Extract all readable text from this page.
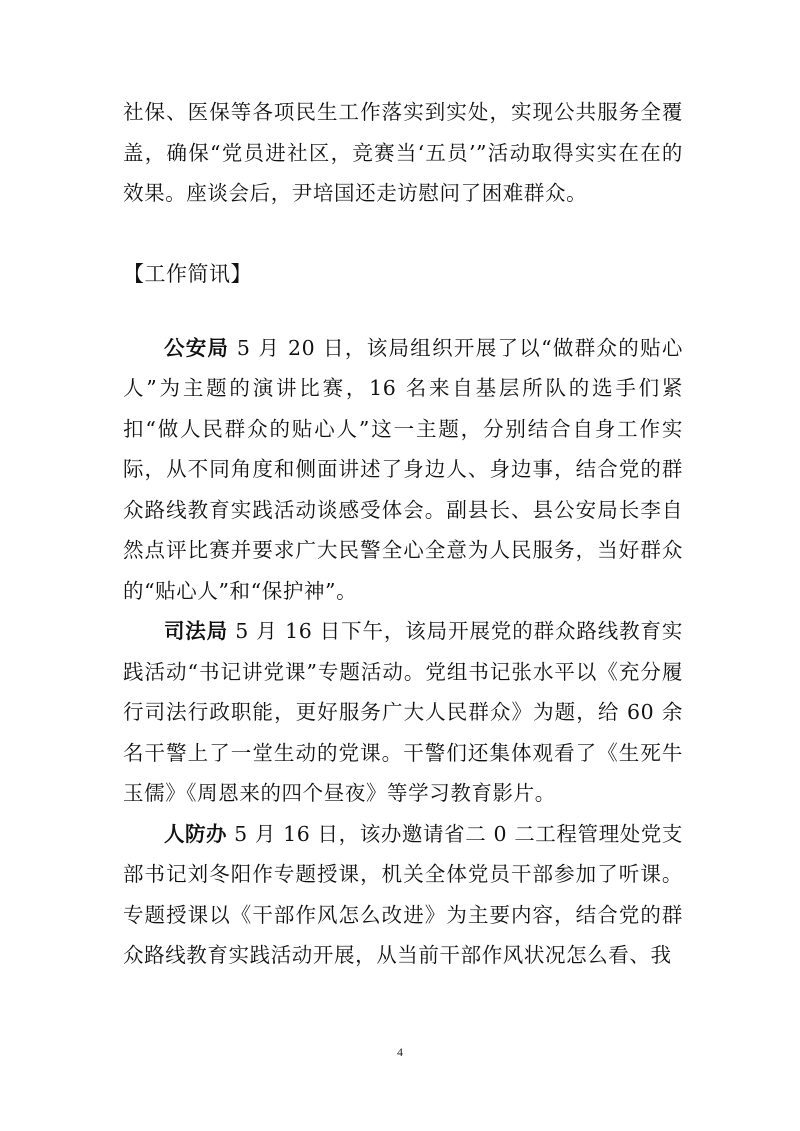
社保、医保等各项民生工作落实到实处，实现公共服务全覆盖，确保“党员进社区，竞赛当‘五员’”活动取得实实在在的效果。座谈会后，尹培国还走访慰问了困难群众。

【工作简讯】

公安局 5 月 20 日，该局组织开展了以“做群众的贴心人”为主题的演讲比赛，16 名来自基层所队的选手们紧扣“做人民群众的贴心人”这一主题，分别结合自身工作实际，从不同角度和侧面讲述了身边人、身边事，结合党的群众路线教育实践活动谈感受体会。副县长、县公安局长李自然点评比赛并要求广大民警全心全意为人民服务，当好群众的“贴心人”和“保护神”。

司法局 5 月 16 日下午，该局开展党的群众路线教育实践活动“书记讲党课”专题活动。党组书记张水平以《充分履行司法行政职能，更好服务广大人民群众》为题，给 60 余名干警上了一堂生动的党课。干警们还集体观看了《生死牛玉儒》《周恩来的四个昼夜》等学习教育影片。

人防办 5 月 16 日，该办邀请省二 0 二工程管理处党支部书记刘冬阳作专题授课，机关全体党员干部参加了听课。专题授课以《干部作风怎么改进》为主要内容，结合党的群众路线教育实践活动开展，从当前干部作风状况怎么看、我

4
